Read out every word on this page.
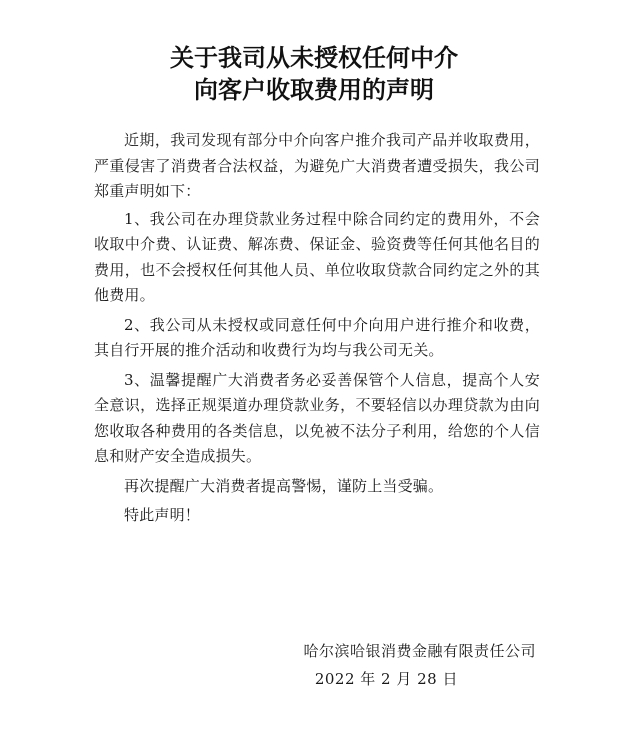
关于我司从未授权任何中介
向客户收取费用的声明

近期，我司发现有部分中介向客户推介我司产品并收取费用，严重侵害了消费者合法权益，为避免广大消费者遭受损失，我公司郑重声明如下：

1、我公司在办理贷款业务过程中除合同约定的费用外，不会收取中介费、认证费、解冻费、保证金、验资费等任何其他名目的费用，也不会授权任何其他人员、单位收取贷款合同约定之外的其他费用。

2、我公司从未授权或同意任何中介向用户进行推介和收费，其自行开展的推介活动和收费行为均与我公司无关。

3、温馨提醒广大消费者务必妥善保管个人信息，提高个人安全意识，选择正规渠道办理贷款业务，不要轻信以办理贷款为由向您收取各种费用的各类信息，以免被不法分子利用，给您的个人信息和财产安全造成损失。

再次提醒广大消费者提高警惕，谨防上当受骗。

特此声明！

哈尔滨哈银消费金融有限责任公司
2022 年 2 月 28 日
